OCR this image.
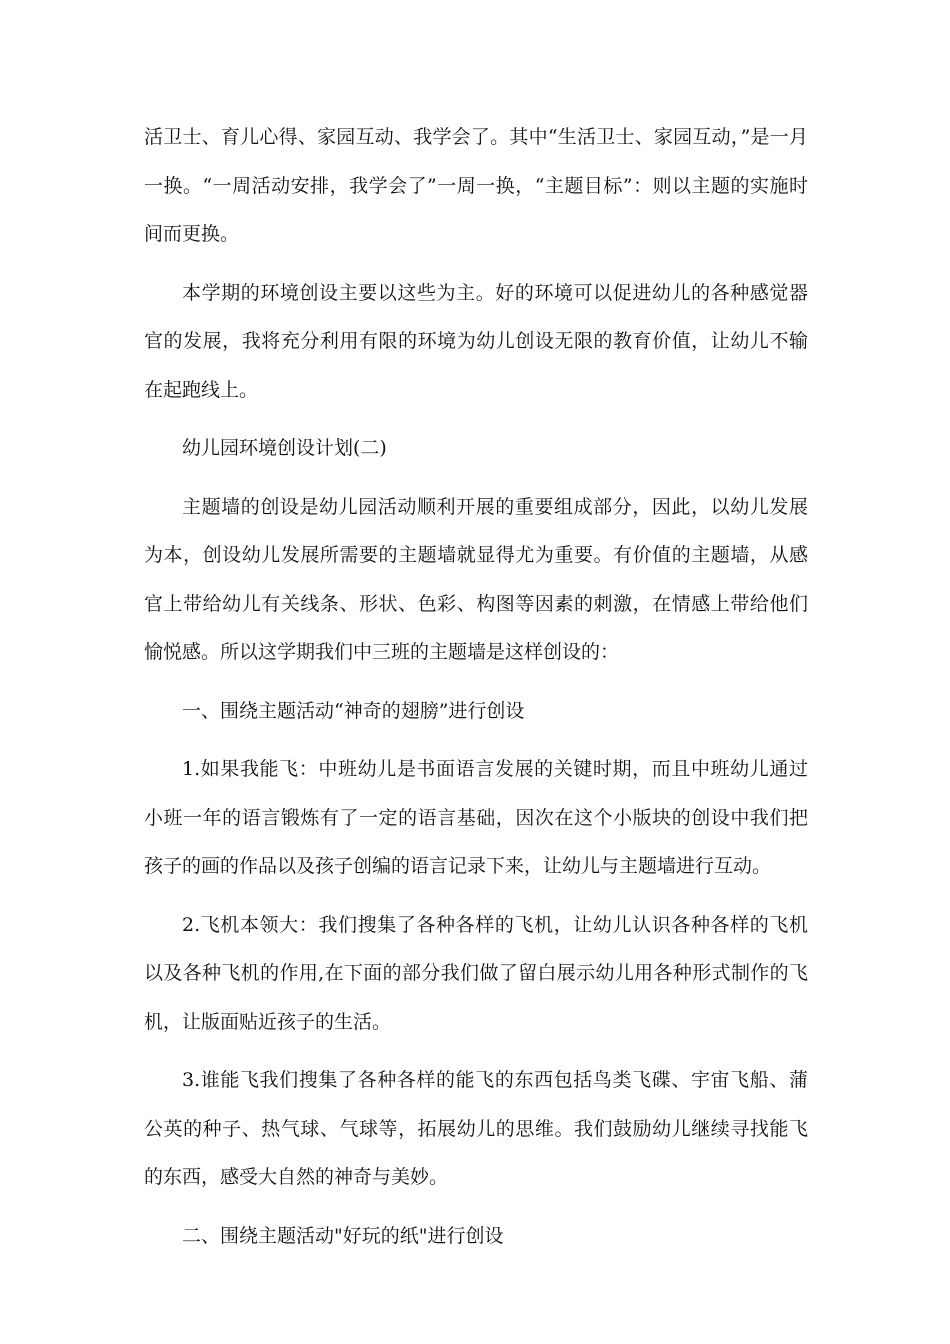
活卫士、育儿心得、家园互动、我学会了。其中“生活卫士、家园互动，”是一月一换。“一周活动安排，我学会了”一周一换，“主题目标”：则以主题的实施时间而更换。

本学期的环境创设主要以这些为主。好的环境可以促进幼儿的各种感觉器官的发展，我将充分利用有限的环境为幼儿创设无限的教育价值，让幼儿不输在起跑线上。

幼儿园环境创设计划(二)

主题墙的创设是幼儿园活动顺利开展的重要组成部分，因此，以幼儿发展为本，创设幼儿发展所需要的主题墙就显得尤为重要。有价值的主题墙，从感官上带给幼儿有关线条、形状、色彩、构图等因素的刺激，在情感上带给他们愉悦感。所以这学期我们中三班的主题墙是这样创设的：

一、围绕主题活动“神奇的翅膀”进行创设

1.如果我能飞：中班幼儿是书面语言发展的关键时期，而且中班幼儿通过小班一年的语言锻炼有了一定的语言基础，因次在这个小版块的创设中我们把孩子的画的作品以及孩子创编的语言记录下来，让幼儿与主题墙进行互动。

2.飞机本领大：我们搜集了各种各样的飞机，让幼儿认识各种各样的飞机以及各种飞机的作用,在下面的部分我们做了留白展示幼儿用各种形式制作的飞机，让版面贴近孩子的生活。

3.谁能飞我们搜集了各种各样的能飞的东西包括鸟类飞碟、宇宙飞船、蒲公英的种子、热气球、气球等，拓展幼儿的思维。我们鼓励幼儿继续寻找能飞的东西，感受大自然的神奇与美妙。

二、围绕主题活动"好玩的纸"进行创设
